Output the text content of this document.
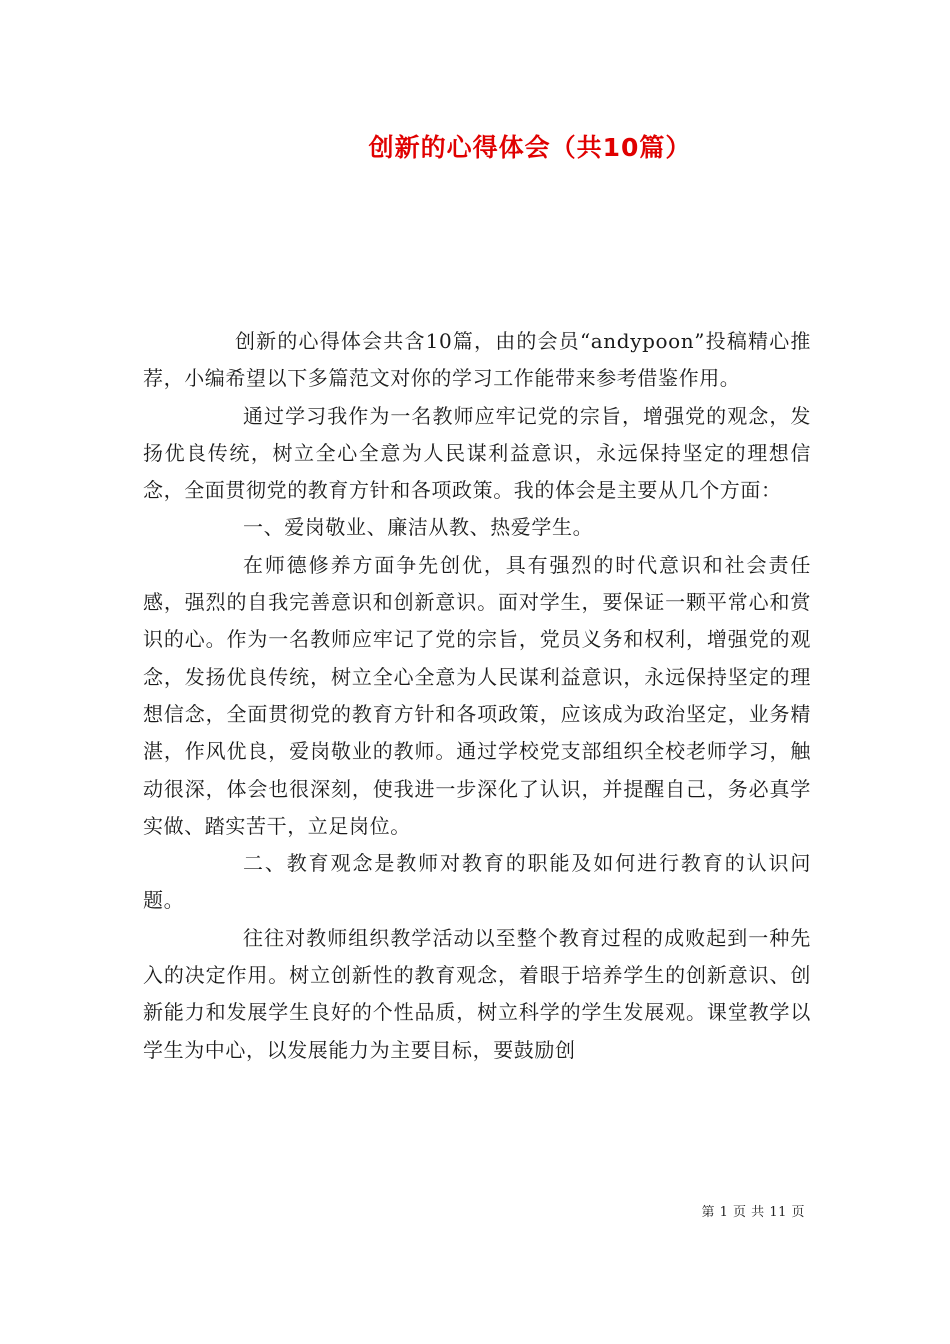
创新的心得体会（共10篇）

创新的心得体会共含10篇，由的会员“andypoon”投稿精心推荐，小编希望以下多篇范文对你的学习工作能带来参考借鉴作用。

通过学习我作为一名教师应牢记党的宗旨，增强党的观念，发扬优良传统，树立全心全意为人民谋利益意识，永远保持坚定的理想信念，全面贯彻党的教育方针和各项政策。我的体会是主要从几个方面：

一、爱岗敬业、廉洁从教、热爱学生。

在师德修养方面争先创优，具有强烈的时代意识和社会责任感，强烈的自我完善意识和创新意识。面对学生，要保证一颗平常心和赏识的心。作为一名教师应牢记了党的宗旨，党员义务和权利，增强党的观念，发扬优良传统，树立全心全意为人民谋利益意识，永远保持坚定的理想信念，全面贯彻党的教育方针和各项政策，应该成为政治坚定，业务精湛，作风优良，爱岗敬业的教师。通过学校党支部组织全校老师学习，触动很深，体会也很深刻，使我进一步深化了认识，并提醒自己，务必真学实做、踏实苦干，立足岗位。

二、教育观念是教师对教育的职能及如何进行教育的认识问题。

往往对教师组织教学活动以至整个教育过程的成败起到一种先入的决定作用。树立创新性的教育观念，着眼于培养学生的创新意识、创新能力和发展学生良好的个性品质，树立科学的学生发展观。课堂教学以学生为中心，以发展能力为主要目标，要鼓励创

第 1 页 共 11 页
